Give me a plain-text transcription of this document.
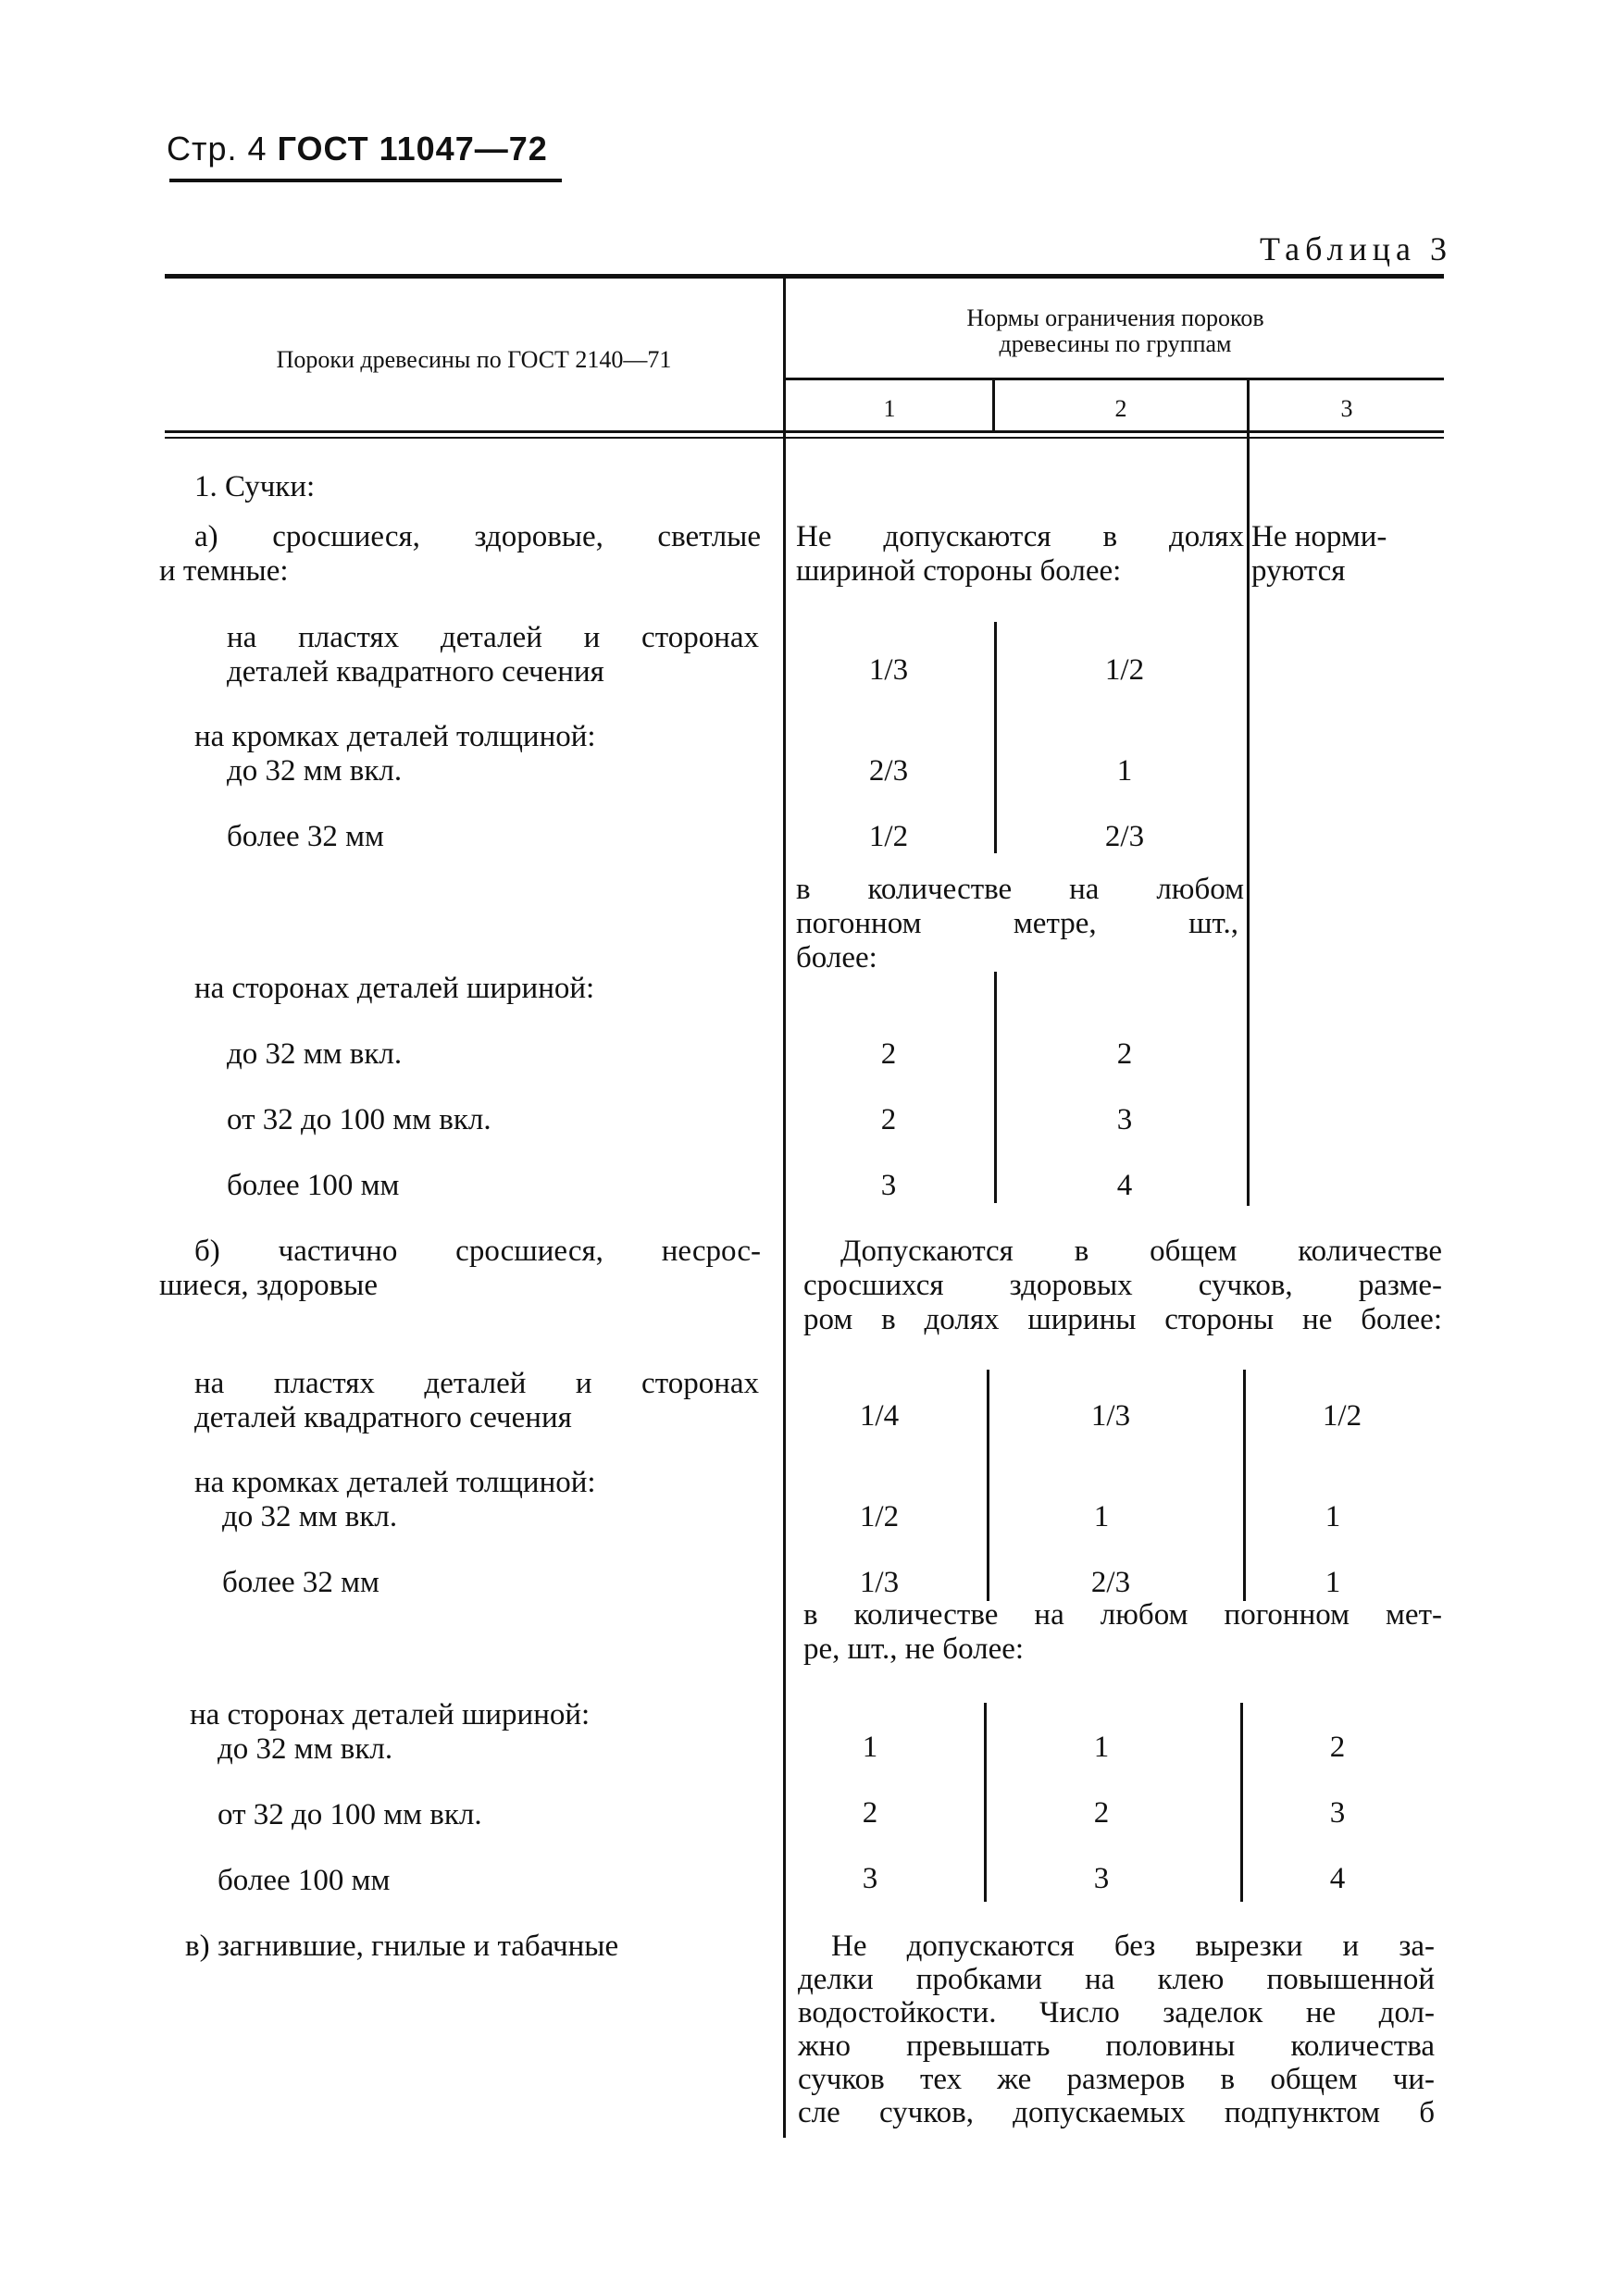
Стр. 4 ГОСТ 11047—72
Таблица 3
Пороки древесины по ГОСТ 2140—71
Нормы ограничения пороков
древесины по группам
1	2	3
1. Сучки:
а) сросшиеся, здоровые, светлые
и темные:
Не допускаются в долях
шириной стороны более:
Не норми-
руются
на пластях деталей и сторонах
деталей квадратного сечения	1/3	1/2
на кромках деталей толщиной:
до 32 мм вкл.	2/3	1
более 32 мм	1/2	2/3
в количестве на любом
погонном метре, шт.,
более:
на сторонах деталей шириной:
до 32 мм вкл.	2	2
от 32 до 100 мм вкл.	2	3
более 100 мм	3	4
б) частично сросшиеся, несрос-
шиеся, здоровые
Допускаются в общем количестве
сросшихся здоровых сучков, разме-
ром в долях ширины стороны не более:
на пластях деталей и сторонах
деталей квадратного сечения	1/4	1/3	1/2
на кромках деталей толщиной:
до 32 мм вкл.	1/2	1	1
более 32 мм	1/3	2/3	1
в количестве на любом погонном мет-
ре, шт., не более:
на сторонах деталей шириной:
до 32 мм вкл.	1	1	2
от 32 до 100 мм вкл.	2	2	3
более 100 мм	3	3	4
в) загнившие, гнилые и табачные	Не допускаются без вырезки и за-
делки пробками на клею повышенной
водостойкости. Число заделок не дол-
жно превышать половины количества
сучков тех же размеров в общем чи-
сле сучков, допускаемых подпунктом б
